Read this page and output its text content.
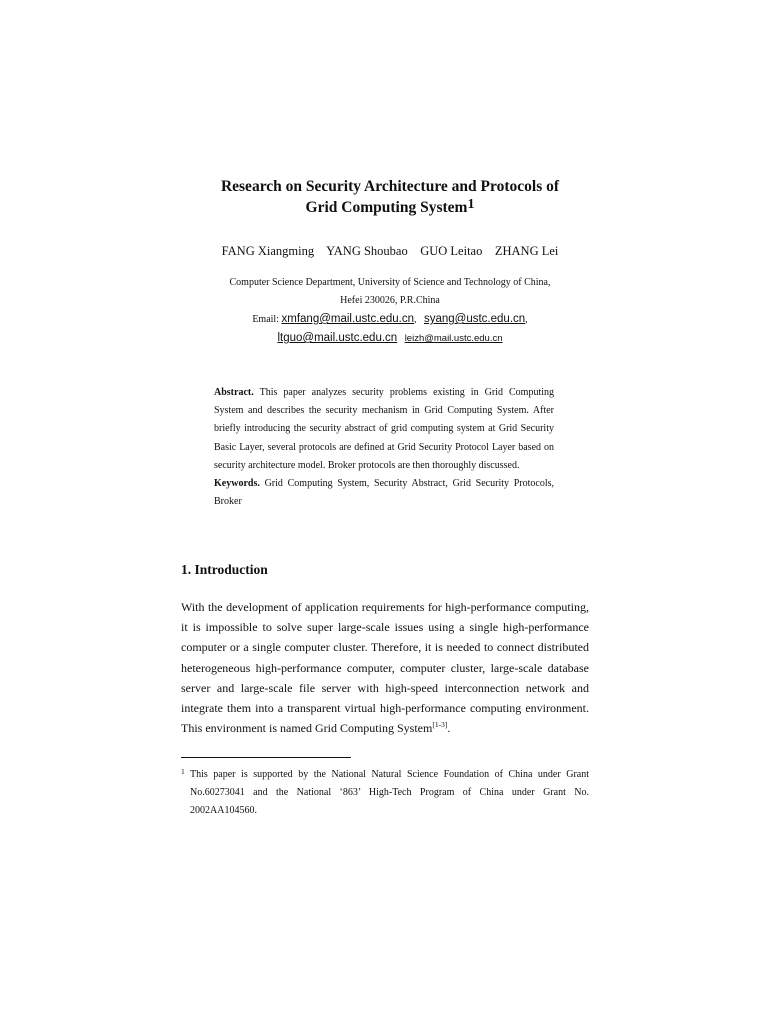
Research on Security Architecture and Protocols of
Grid Computing System$^1$
FANG Xiangming    YANG Shoubao    GUO Leitao    ZHANG Lei
Computer Science Department, University of Science and Technology of China,
Hefei 230026, P.R.China
Email: xmfang@mail.ustc.edu.cn,   syang@ustc.edu.cn,
ltguo@mail.ustc.edu.cn leizh@mail.ustc.edu.cn

Abstract. This paper analyzes security problems existing in Grid Computing System and describes the security mechanism in Grid Computing System. After briefly introducing the security abstract of grid computing system at Grid Security Basic Layer, several protocols are defined at Grid Security Protocol Layer based on security architecture model. Broker protocols are then thoroughly discussed.

Keywords. Grid Computing System, Security Abstract, Grid Security Protocols, Broker

1. Introduction

With the development of application requirements for high-performance computing, it is impossible to solve super large-scale issues using a single high-performance computer or a single computer cluster. Therefore, it is needed to connect distributed heterogeneous high-performance computer, computer cluster, large-scale database server and large-scale file server with high-speed interconnection network and integrate them into a transparent virtual high-performance computing environment. This environment is named Grid Computing System[1-3].

1 This paper is supported by the National Natural Science Foundation of China under Grant No.60273041 and the National ‘863’ High-Tech Program of China under Grant No. 2002AA104560.
